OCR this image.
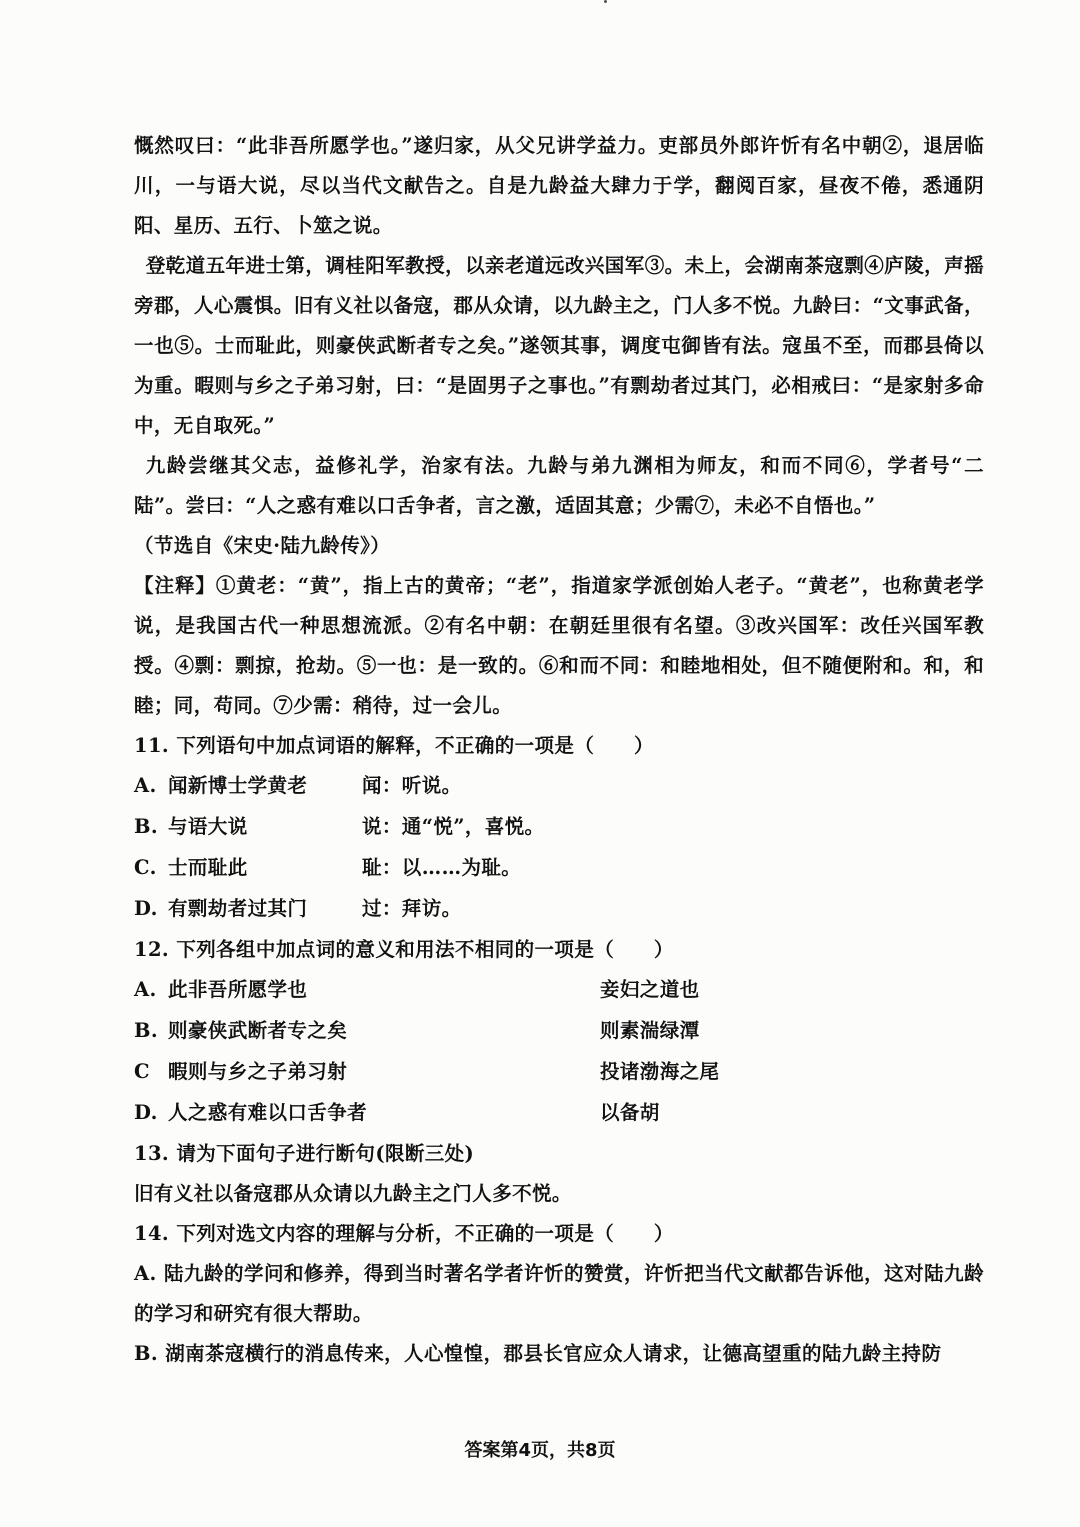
慨然叹曰：“此非吾所愿学也。”遂归家，从父兄讲学益力。吏部员外郎许忻有名中朝②，退居临川，一与语大说，尽以当代文献告之。自是九龄益大肆力于学，翻阅百家，昼夜不倦，悉通阴阳、星历、五行、卜筮之说。

登乾道五年进士第，调桂阳军教授，以亲老道远改兴国军③。未上，会湖南茶寇剽④庐陵，声摇旁郡，人心震惧。旧有义社以备寇，郡从众请，以九龄主之，门人多不悦。九龄曰：“文事武备，一也⑤。士而耻此，则豪侠武断者专之矣。”遂领其事，调度屯御皆有法。寇虽不至，而郡县倚以为重。暇则与乡之子弟习射，曰：“是固男子之事也。”有剽劫者过其门，必相戒曰：“是家射多命中，无自取死。”

九龄尝继其父志，益修礼学，治家有法。九龄与弟九渊相为师友，和而不同⑥，学者号“二陆”。尝曰：“人之惑有难以口舌争者，言之激，适固其意；少需⑦，未必不自悟也。”

（节选自《宋史·陆九龄传》）

【注释】①黄老：“黄”，指上古的黄帝；“老”，指道家学派创始人老子。“黄老”，也称黄老学说，是我国古代一种思想流派。②有名中朝：在朝廷里很有名望。③改兴国军：改任兴国军教授。④剽：剽掠，抢劫。⑤一也：是一致的。⑥和而不同：和睦地相处，但不随便附和。和，和睦；同，苟同。⑦少需：稍待，过一会儿。

11. 下列语句中加点词语的解释，不正确的一项是（　　）

A. 闻新博士学黄老	闻：听说。
B. 与语大说	说：通“悦”，喜悦。
C. 士而耻此	耻：以……为耻。
D. 有剽劫者过其门	过：拜访。

12. 下列各组中加点词的意义和用法不相同的一项是（　　）

A. 此非吾所愿学也	妾妇之道也
B. 则豪侠武断者专之矣	则素湍绿潭
C 暇则与乡之子弟习射	投诸渤海之尾
D. 人之惑有难以口舌争者	以备胡

13. 请为下面句子进行断句(限断三处)

旧有义社以备寇郡从众请以九龄主之门人多不悦。

14. 下列对选文内容的理解与分析，不正确的一项是（　　）

A. 陆九龄的学问和修养，得到当时著名学者许忻的赞赏，许忻把当代文献都告诉他，这对陆九龄的学习和研究有很大帮助。

B. 湖南茶寇横行的消息传来，人心惶惶，郡县长官应众人请求，让德高望重的陆九龄主持防

答案第4页，共8页
